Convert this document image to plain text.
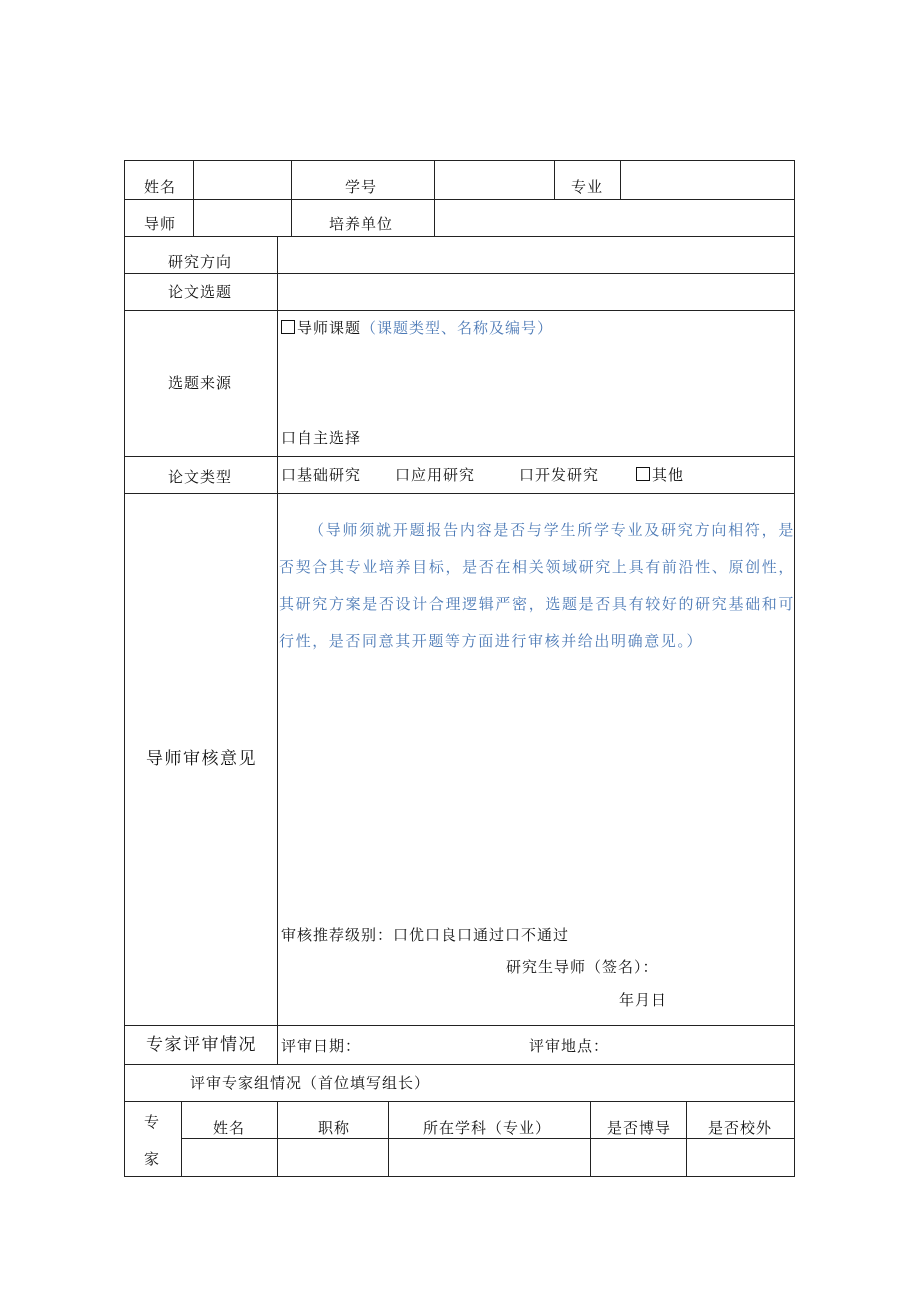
姓名	学号	专业
导师	培养单位
研究方向
论文选题
选题来源
导师课题（课题类型、名称及编号）
口自主选择
论文类型	口基础研究 口应用研究	口开发研究	其他
导师审核意见
（导师须就开题报告内容是否与学生所学专业及研究方向相符，是否契合其专业培养目标，是否在相关领域研究上具有前沿性、原创性，其研究方案是否设计合理逻辑严密，选题是否具有较好的研究基础和可行性，是否同意其开题等方面进行审核并给出明确意见。）
审核推荐级别：口优口良口通过口不通过
研究生导师（签名）：
年月日
专家评审情况 评审日期：	评审地点：
评审专家组情况（首位填写组长）
专
家
姓名	职称	所在学科（专业）	是否博导 是否校外
